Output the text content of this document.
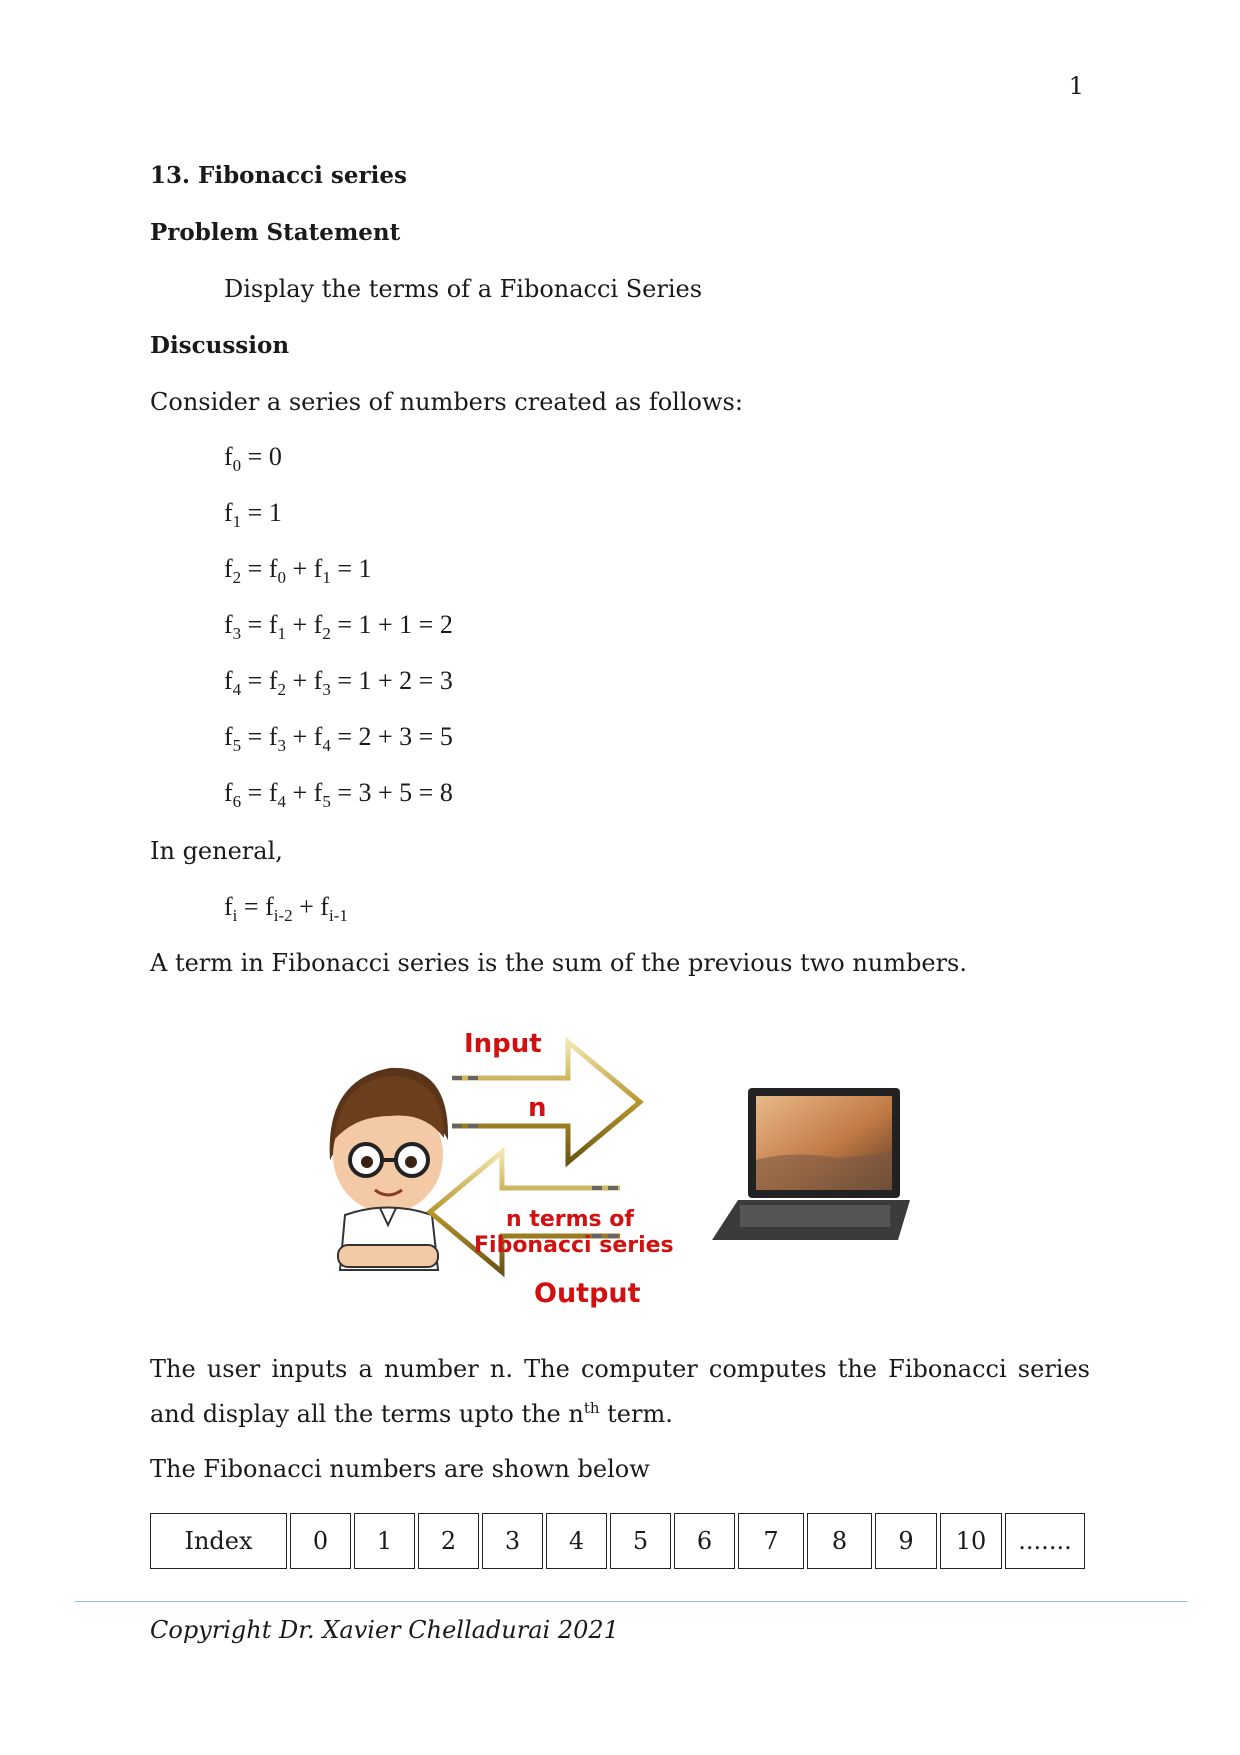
1
13. Fibonacci series
Problem Statement
Display the terms of a Fibonacci Series
Discussion
Consider a series of numbers created as follows:
$f_0 = 0$
$f_1 = 1$
$f_2 = f_0 + f_1 = 1$
$f_3 = f_1 + f_2 = 1 + 1 = 2$
$f_4 = f_2 + f_3 = 1 + 2 = 3$
$f_5 = f_3 + f_4 = 2 + 3 = 5$
$f_6 = f_4 + f_5 = 3 + 5 = 8$
In general,
$f_i = f_{i-2} + f_{i-1}$
A term in Fibonacci series is the sum of the previous two numbers.
Input
n
n terms of
Fibonacci series
Output
The user inputs a number n. The computer computes the Fibonacci series
and display all the terms upto the $n^{th}$ term.
The Fibonacci numbers are shown below
Index	0	1	2	3	4	5	6	7	8	9	10	.......
Copyright Dr. Xavier Chelladurai 2021
